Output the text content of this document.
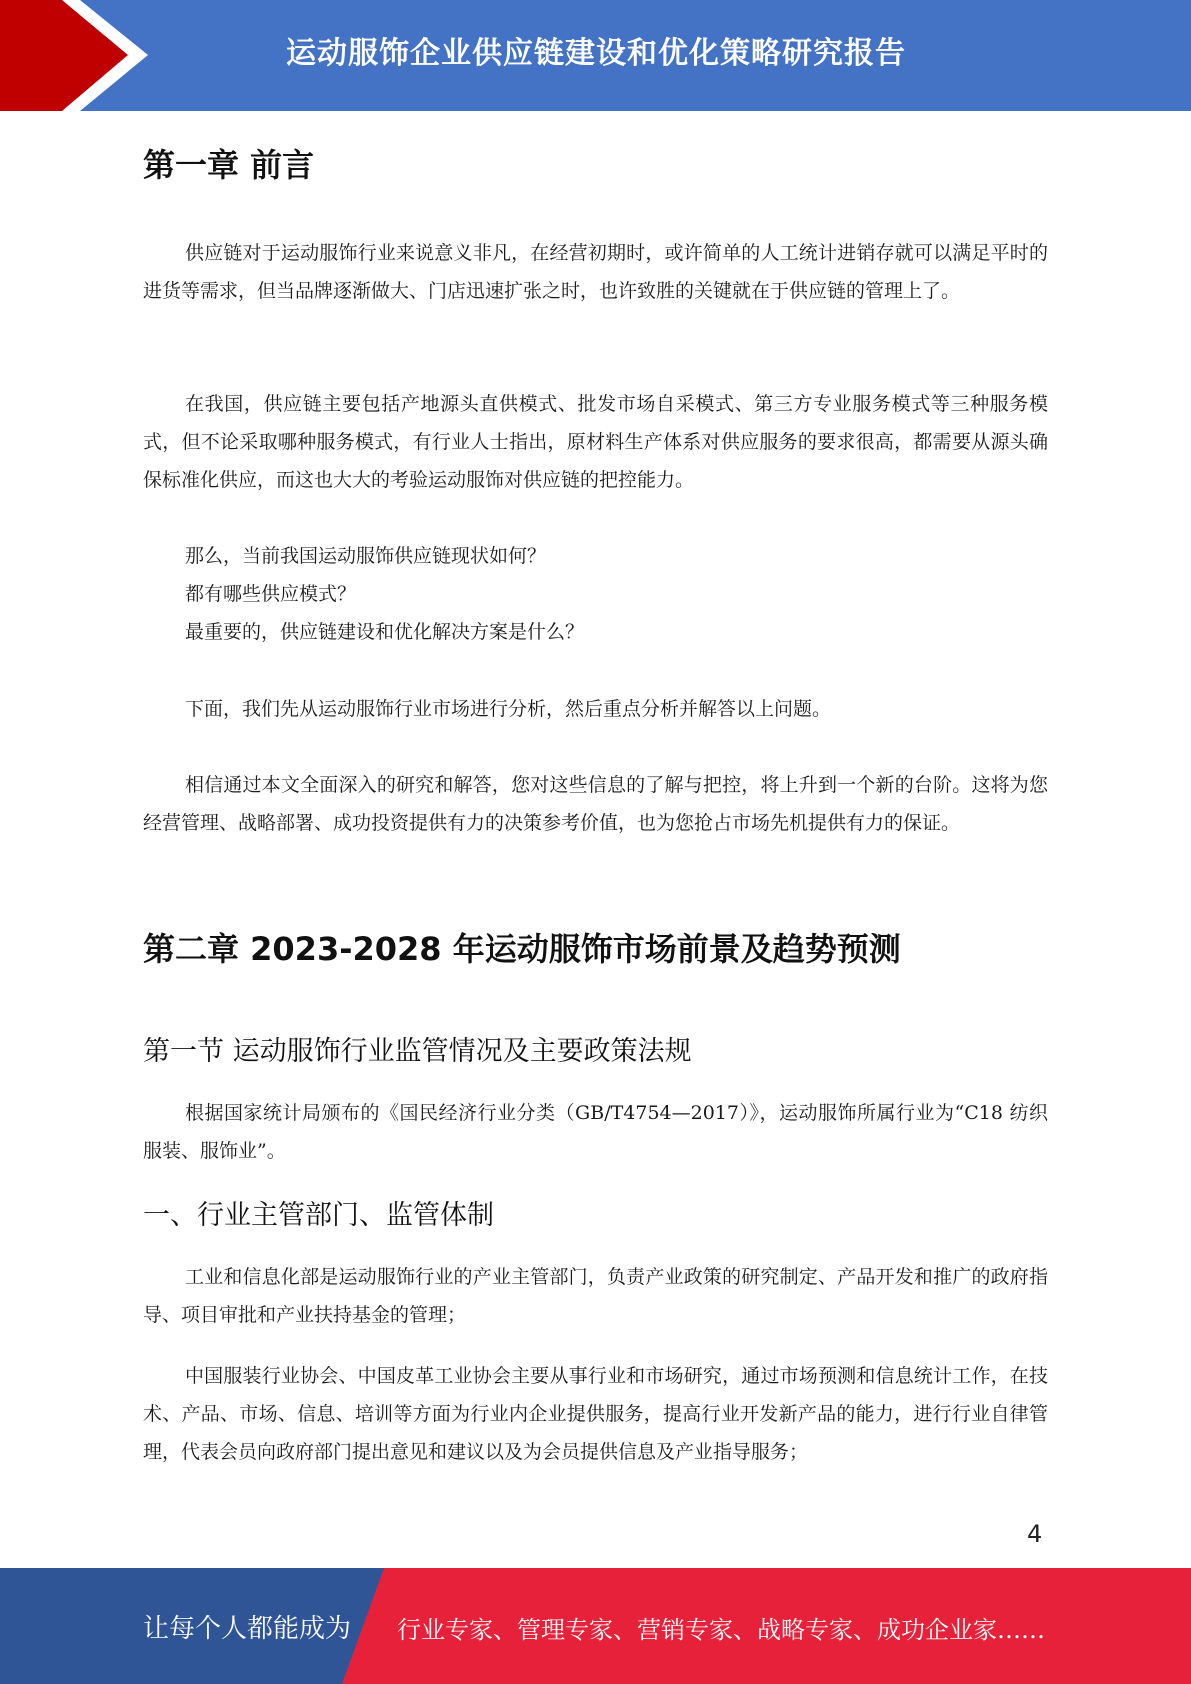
运动服饰企业供应链建设和优化策略研究报告
第一章 前言
供应链对于运动服饰行业来说意义非凡，在经营初期时，或许简单的人工统计进销存就可以满足平时的进货等需求，但当品牌逐渐做大、门店迅速扩张之时，也许致胜的关键就在于供应链的管理上了。
在我国，供应链主要包括产地源头直供模式、批发市场自采模式、第三方专业服务模式等三种服务模式，但不论采取哪种服务模式，有行业人士指出，原材料生产体系对供应服务的要求很高，都需要从源头确保标准化供应，而这也大大的考验运动服饰对供应链的把控能力。
那么，当前我国运动服饰供应链现状如何？
都有哪些供应模式？
最重要的，供应链建设和优化解决方案是什么？
下面，我们先从运动服饰行业市场进行分析，然后重点分析并解答以上问题。
相信通过本文全面深入的研究和解答，您对这些信息的了解与把控，将上升到一个新的台阶。这将为您经营管理、战略部署、成功投资提供有力的决策参考价值，也为您抢占市场先机提供有力的保证。
第二章 2023-2028 年运动服饰市场前景及趋势预测
第一节 运动服饰行业监管情况及主要政策法规
根据国家统计局颁布的《国民经济行业分类（GB/T4754—2017）》，运动服饰所属行业为“C18 纺织服装、服饰业”。
一、行业主管部门、监管体制
工业和信息化部是运动服饰行业的产业主管部门，负责产业政策的研究制定、产品开发和推广的政府指导、项目审批和产业扶持基金的管理；
中国服装行业协会、中国皮革工业协会主要从事行业和市场研究，通过市场预测和信息统计工作，在技术、产品、市场、信息、培训等方面为行业内企业提供服务，提高行业开发新产品的能力，进行行业自律管理，代表会员向政府部门提出意见和建议以及为会员提供信息及产业指导服务；
4
让每个人都能成为 行业专家、管理专家、营销专家、战略专家、成功企业家……
